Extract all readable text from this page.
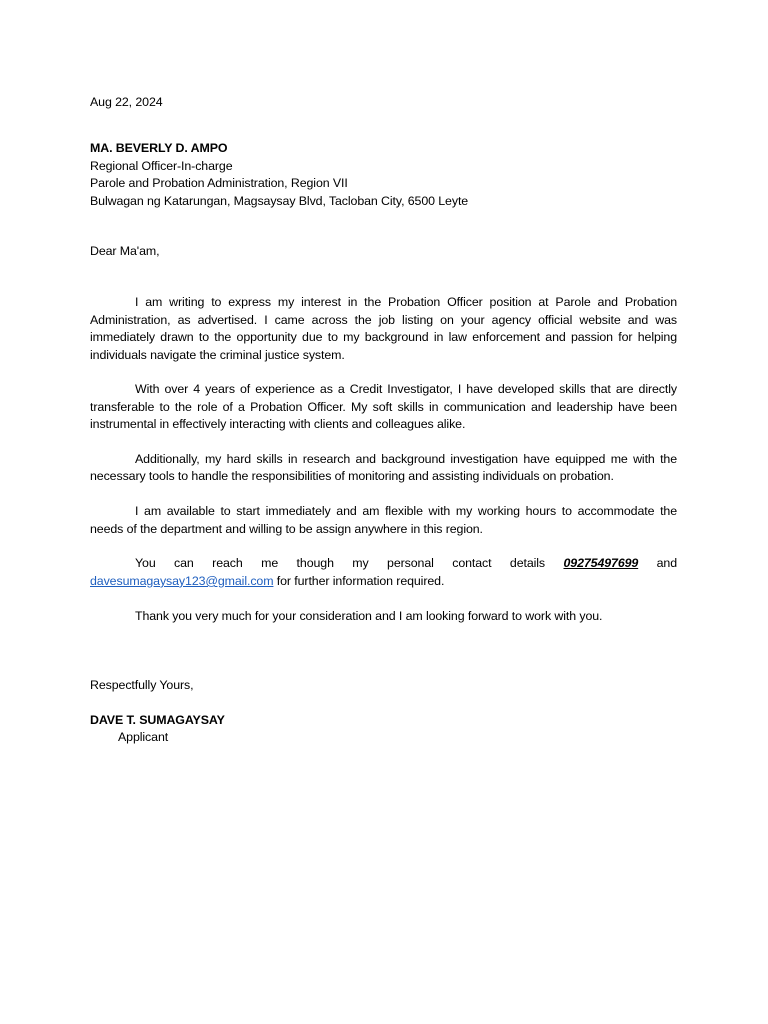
Aug 22, 2024
MA. BEVERLY D. AMPO
Regional Officer-In-charge
Parole and Probation Administration, Region VII
Bulwagan ng Katarungan, Magsaysay Blvd, Tacloban City, 6500 Leyte
Dear Ma'am,

I am writing to express my interest in the Probation Officer position at Parole and Probation Administration, as advertised. I came across the job listing on your agency official website and was immediately drawn to the opportunity due to my background in law enforcement and passion for helping individuals navigate the criminal justice system.

With over 4 years of experience as a Credit Investigator, I have developed skills that are directly transferable to the role of a Probation Officer. My soft skills in communication and leadership have been instrumental in effectively interacting with clients and colleagues alike.

Additionally, my hard skills in research and background investigation have equipped me with the necessary tools to handle the responsibilities of monitoring and assisting individuals on probation.

I am available to start immediately and am flexible with my working hours to accommodate the needs of the department and willing to be assign anywhere in this region.

You can reach me though my personal contact details 09275497699 and davesumagaysay123@gmail.com for further information required.

Thank you very much for your consideration and I am looking forward to work with you.

Respectfully Yours,
DAVE T. SUMAGAYSAY
Applicant
